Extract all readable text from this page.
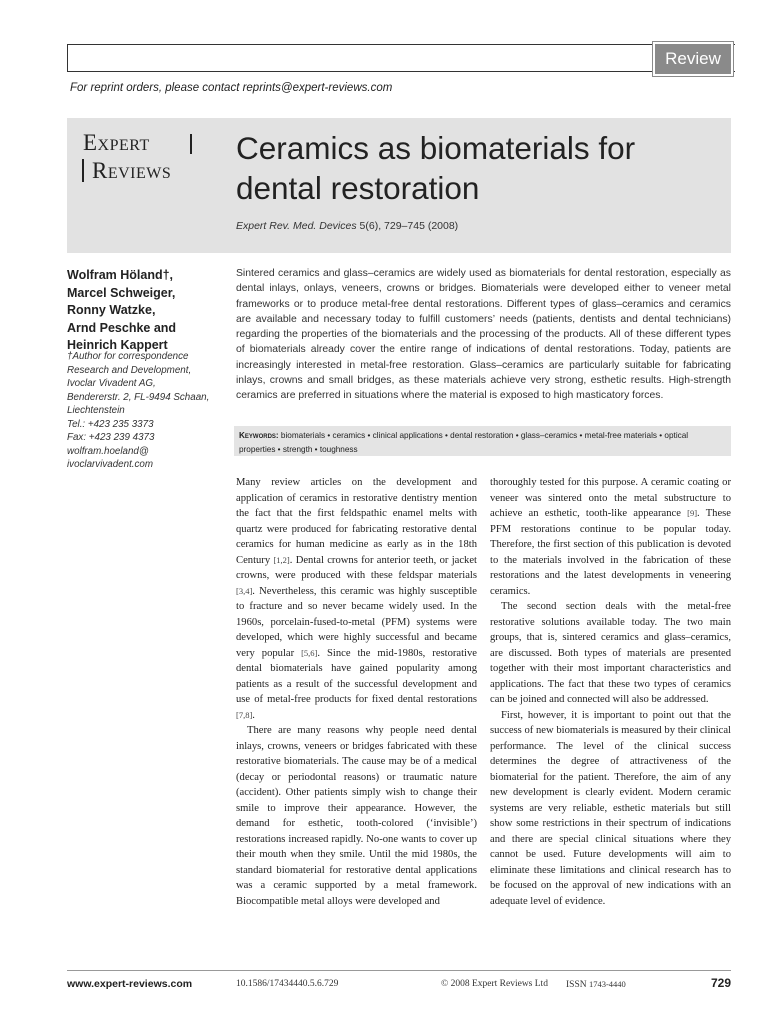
Review
For reprint orders, please contact reprints@expert-reviews.com
Expert
Reviews
Ceramics as biomaterials for dental restoration
Expert Rev. Med. Devices 5(6), 729–745 (2008)
Wolfram Höland†,
Marcel Schweiger,
Ronny Watzke,
Arnd Peschke and
Heinrich Kappert
†Author for correspondence
Research and Development,
Ivoclar Vivadent AG,
Bendererstr. 2, FL-9494 Schaan,
Liechtenstein
Tel.: +423 235 3373
Fax: +423 239 4373
wolfram.hoeland@
ivoclarvivadent.com
Sintered ceramics and glass–ceramics are widely used as biomaterials for dental restoration, especially as dental inlays, onlays, veneers, crowns or bridges. Biomaterials were developed either to veneer metal frameworks or to produce metal-free dental restorations. Different types of glass–ceramics and ceramics are available and necessary today to fulfill customers’ needs (patients, dentists and dental technicians) regarding the properties of the biomaterials and the processing of the products. All of these different types of biomaterials already cover the entire range of indications of dental restorations. Today, patients are increasingly interested in metal-free restoration. Glass–ceramics are particularly suitable for fabricating inlays, crowns and small bridges, as these materials achieve very strong, esthetic results. High-strength ceramics are preferred in situations where the material is exposed to high masticatory forces.
Keywords: biomaterials • ceramics • clinical applications • dental restoration • glass–ceramics • metal-free materials • optical properties • strength • toughness

Many review articles on the development and application of ceramics in restorative dentistry mention the fact that the first feldspathic enamel melts with quartz were produced for fabricating restorative dental ceramics for human medicine as early as in the 18th Century [1,2]. Dental crowns for anterior teeth, or jacket crowns, were produced with these feldspar materials [3,4]. Nevertheless, this ceramic was highly susceptible to fracture and so never became widely used. In the 1960s, porcelain-fused-to-metal (PFM) systems were developed, which were highly successful and became very popular [5,6]. Since the mid-1980s, restorative dental biomaterials have gained popularity among patients as a result of the successful development and use of metal-free products for fixed dental restorations [7,8].

There are many reasons why people need dental inlays, crowns, veneers or bridges fabricated with these restorative biomaterials. The cause may be of a medical (decay or periodontal reasons) or traumatic nature (accident). Other patients simply wish to change their smile to improve their appearance. However, the demand for esthetic, tooth-colored (‘invisible’) restorations increased rapidly. No-one wants to cover up their mouth when they smile. Until the mid 1980s, the standard biomaterial for restorative dental applications was a ceramic supported by a metal framework. Biocompatible metal alloys were developed and

thoroughly tested for this purpose. A ceramic coating or veneer was sintered onto the metal substructure to achieve an esthetic, tooth-like appearance [9]. These PFM restorations continue to be popular today. Therefore, the first section of this publication is devoted to the materials involved in the fabrication of these restorations and the latest developments in veneering ceramics.

The second section deals with the metal-free restorative solutions available today. The two main groups, that is, sintered ceramics and glass–ceramics, are discussed. Both types of materials are presented together with their most important characteristics and applications. The fact that these two types of ceramics can be joined and connected will also be addressed.

First, however, it is important to point out that the success of new biomaterials is measured by their clinical performance. The level of the clinical success determines the degree of attractiveness of the biomaterial for the patient. Therefore, the aim of any new development is clearly evident. Modern ceramic systems are very reliable, esthetic materials but still show some restrictions in their spectrum of indications and there are special clinical situations where they cannot be used. Future developments will aim to eliminate these limitations and clinical research has to be focused on the approval of new indications with an adequate level of evidence.

www.expert-reviews.com	10.1586/17434440.5.6.729	© 2008 Expert Reviews Ltd ISSN 1743-4440	729
